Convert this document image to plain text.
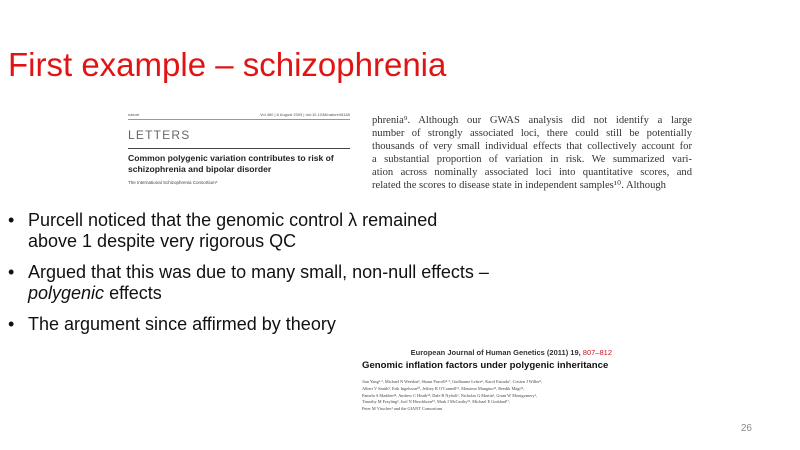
First example – schizophrenia
nature	Vol 460 | 6 August 2009 | doi:10.1038/nature08185
LETTERS
Common polygenic variation contributes to risk of
schizophrenia and bipolar disorder
The International Schizophrenia Consortium*
phrenia⁹. Although our GWAS analysis did not identify a large
number of strongly associated loci, there could still be potentially
thousands of very small individual effects that collectively account for
a substantial proportion of variation in risk. We summarized vari-
ation across nominally associated loci into quantitative scores, and
related the scores to disease state in independent samples¹⁰. Although
• Purcell noticed that the genomic control λ remained
above 1 despite very rigorous QC
• Argued that this was due to many small, non-null effects –
polygenic effects
• The argument since affirmed by theory
European Journal of Human Genetics (2011) 19, 807–812
Genomic inflation factors under polygenic inheritance
Jian Yang¹·², Michael N Weedon³, Shaun Purcell⁴·⁵, Guillaume Lettre⁶, Karol Estrada⁷, Cristen J Willer⁸,
Albert V Smith⁹, Erik Ingelsson¹⁰, Jeffrey R O'Connell¹¹, Massimo Mangino¹², Reedik Mägi¹³,
Pamela A Madden¹⁴, Andrew C Heath¹⁴, Dale R Nyholt¹, Nicholas G Martin¹, Grant W Montgomery¹,
Timothy M Frayling³, Joel N Hirschhorn¹⁵, Mark I McCarthy¹⁶, Michael E Goddard¹⁷,
Peter M Visscher¹ and the GIANT Consortium
26
